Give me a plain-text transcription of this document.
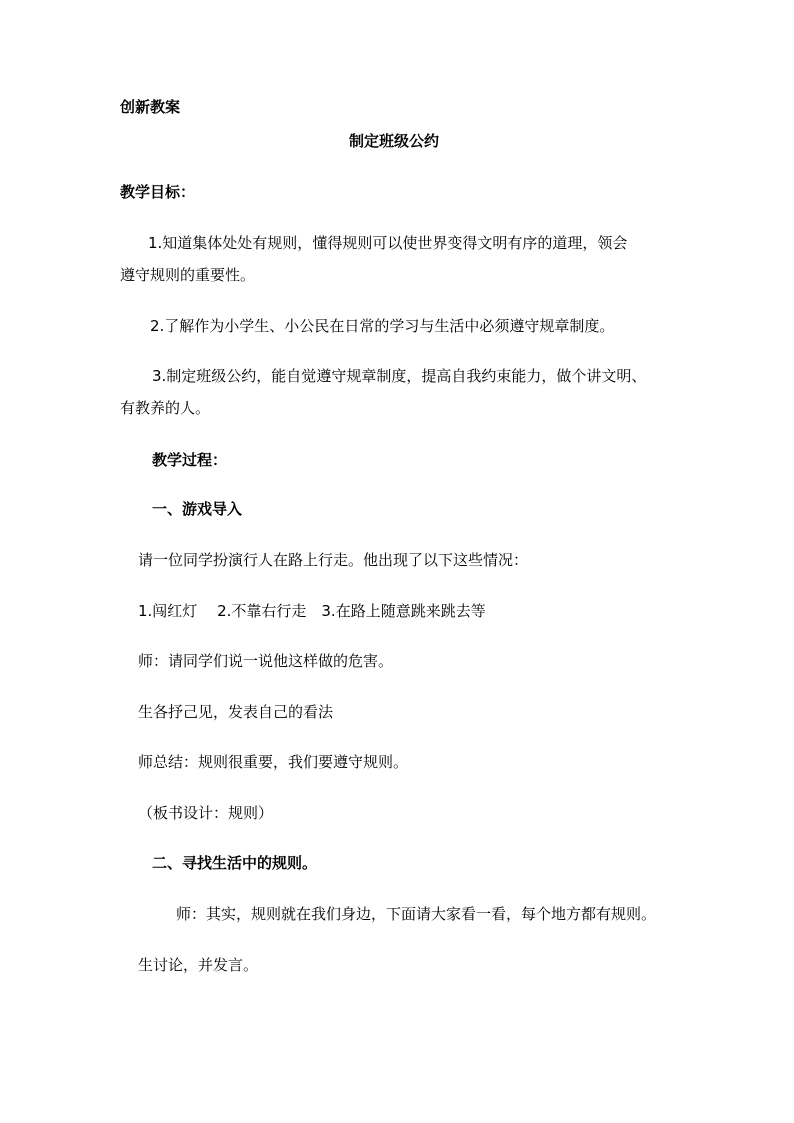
创新教案
制定班级公约
教学目标：
1.知道集体处处有规则，懂得规则可以使世界变得文明有序的道理，领会
遵守规则的重要性。
2.了解作为小学生、小公民在日常的学习与生活中必须遵守规章制度。
3.制定班级公约，能自觉遵守规章制度，提高自我约束能力，做个讲文明、
有教养的人。
教学过程：
一、游戏导入
请一位同学扮演行人在路上行走。他出现了以下这些情况：
1.闯红灯　 2.不靠右行走　3.在路上随意跳来跳去等
师：请同学们说一说他这样做的危害。
生各抒己见，发表自己的看法
师总结：规则很重要，我们要遵守规则。
（板书设计：规则）
二、寻找生活中的规则。
师：其实，规则就在我们身边，下面请大家看一看，每个地方都有规则。
生讨论，并发言。
